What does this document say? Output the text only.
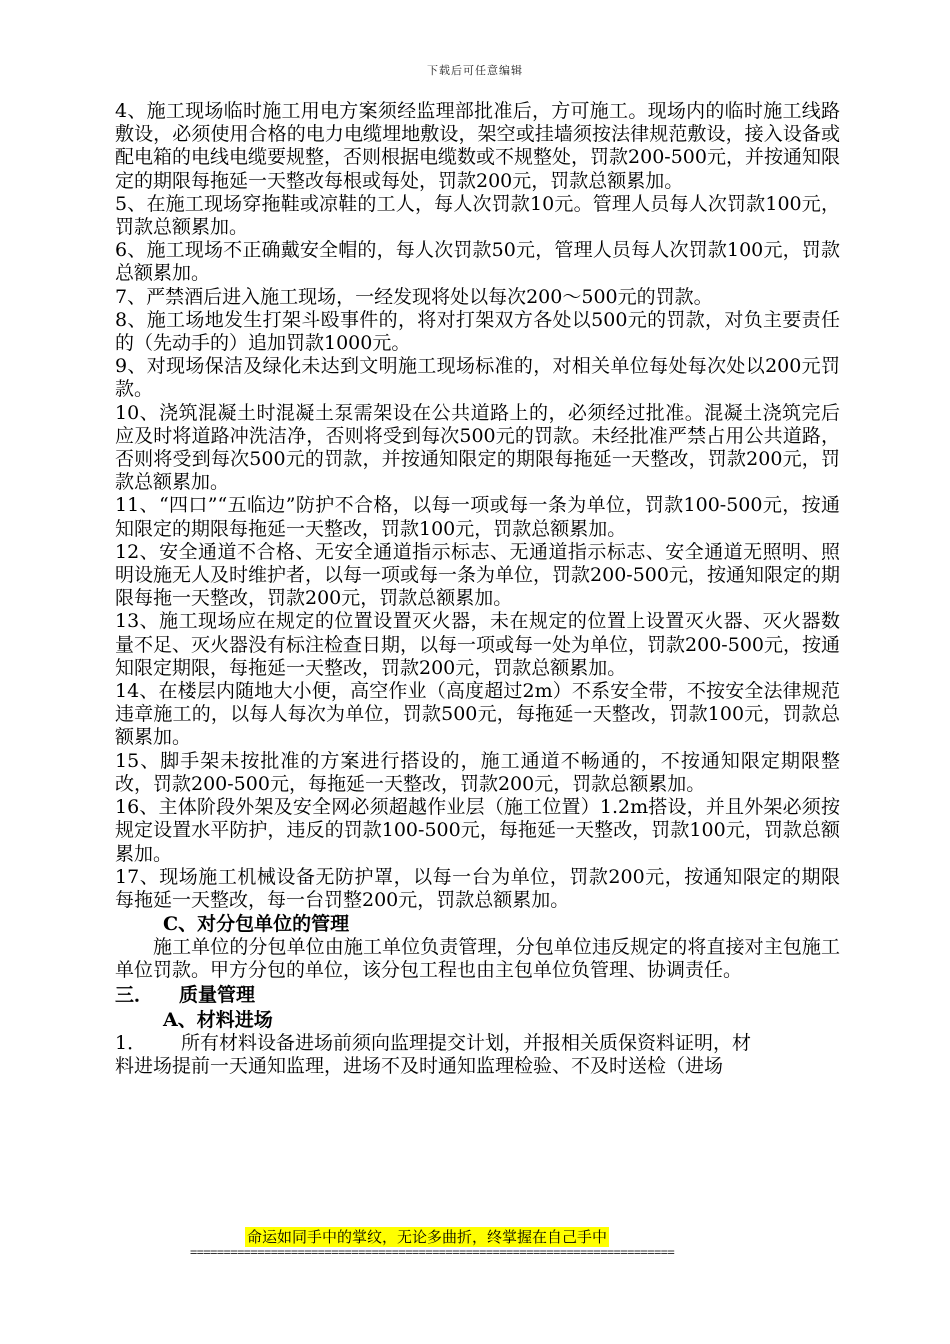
下载后可任意编辑

4、施工现场临时施工用电方案须经监理部批准后，方可施工。现场内的临时施工线路敷设，必须使用合格的电力电缆埋地敷设，架空或挂墙须按法律规范敷设，接入设备或配电箱的电线电缆要规整，否则根据电缆数或不规整处，罚款200-500元，并按通知限定的期限每拖延一天整改每根或每处，罚款200元，罚款总额累加。

5、在施工现场穿拖鞋或凉鞋的工人，每人次罚款10元。管理人员每人次罚款100元，罚款总额累加。

6、施工现场不正确戴安全帽的，每人次罚款50元，管理人员每人次罚款100元，罚款总额累加。

7、严禁酒后进入施工现场，一经发现将处以每次200～500元的罚款。

8、施工场地发生打架斗殴事件的，将对打架双方各处以500元的罚款，对负主要责任的（先动手的）追加罚款1000元。

9、对现场保洁及绿化未达到文明施工现场标准的，对相关单位每处每次处以200元罚款。

10、浇筑混凝土时混凝土泵需架设在公共道路上的，必须经过批准。混凝土浇筑完后应及时将道路冲洗洁净，否则将受到每次500元的罚款。未经批准严禁占用公共道路，否则将受到每次500元的罚款，并按通知限定的期限每拖延一天整改，罚款200元，罚款总额累加。

11、“四口”“五临边”防护不合格，以每一项或每一条为单位，罚款100-500元，按通知限定的期限每拖延一天整改，罚款100元，罚款总额累加。

12、安全通道不合格、无安全通道指示标志、无通道指示标志、安全通道无照明、照明设施无人及时维护者，以每一项或每一条为单位，罚款200-500元，按通知限定的期限每拖一天整改，罚款200元，罚款总额累加。

13、施工现场应在规定的位置设置灭火器，未在规定的位置上设置灭火器、灭火器数量不足、灭火器没有标注检查日期，以每一项或每一处为单位，罚款200-500元，按通知限定期限，每拖延一天整改，罚款200元，罚款总额累加。

14、在楼层内随地大小便，高空作业（高度超过2m）不系安全带，不按安全法律规范违章施工的，以每人每次为单位，罚款500元，每拖延一天整改，罚款100元，罚款总额累加。

15、脚手架未按批准的方案进行搭设的，施工通道不畅通的，不按通知限定期限整改，罚款200-500元，每拖延一天整改，罚款200元，罚款总额累加。

16、主体阶段外架及安全网必须超越作业层（施工位置）1.2m搭设，并且外架必须按规定设置水平防护，违反的罚款100-500元，每拖延一天整改，罚款100元，罚款总额累加。

17、现场施工机械设备无防护罩，以每一台为单位，罚款200元，按通知限定的期限每拖延一天整改，每一台罚整200元，罚款总额累加。

C、对分包单位的管理

施工单位的分包单位由施工单位负责管理，分包单位违反规定的将直接对主包施工单位罚款。甲方分包的单位，该分包工程也由主包单位负管理、协调责任。

三． 质量管理

A、材料进场

1． 所有材料设备进场前须向监理提交计划，并报相关质保资料证明，材

料进场提前一天通知监理，进场不及时通知监理检验、不及时送检（进场

命运如同手中的掌纹，无论多曲折，终掌握在自己手中
========================================================================
